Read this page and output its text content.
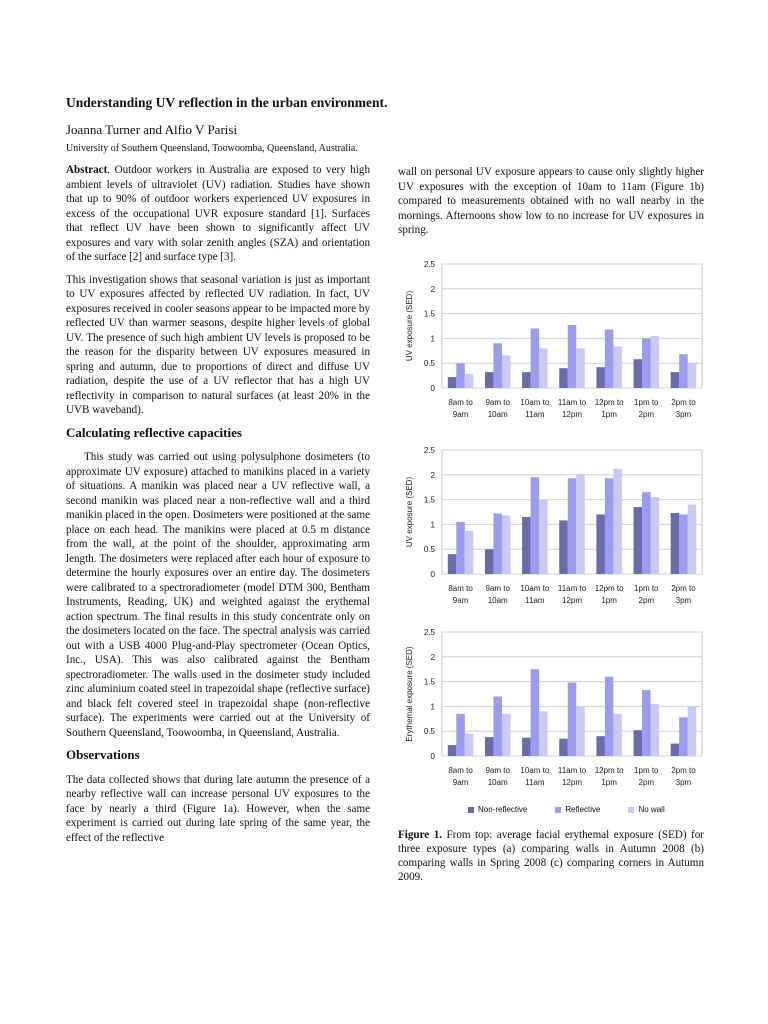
Understanding UV reflection in the urban environment.
Joanna Turner and Alfio V Parisi
University of Southern Queensland, Toowoomba, Queensland, Australia.

Abstract. Outdoor workers in Australia are exposed to very high ambient levels of ultraviolet (UV) radiation. Studies have shown that up to 90% of outdoor workers experienced UV exposures in excess of the occupational UVR exposure standard [1]. Surfaces that reflect UV have been shown to significantly affect UV exposures and vary with solar zenith angles (SZA) and orientation of the surface [2] and surface type [3].

This investigation shows that seasonal variation is just as important to UV exposures affected by reflected UV radiation. In fact, UV exposures received in cooler seasons appear to be impacted more by reflected UV than warmer seasons, despite higher levels of global UV. The presence of such high ambient UV levels is proposed to be the reason for the disparity between UV exposures measured in spring and autumn, due to proportions of direct and diffuse UV radiation, despite the use of a UV reflector that has a high UV reflectivity in comparison to natural surfaces (at least 20% in the UVB waveband).

Calculating reflective capacities

This study was carried out using polysulphone dosimeters (to approximate UV exposure) attached to manikins placed in a variety of situations. A manikin was placed near a UV reflective wall, a second manikin was placed near a non-reflective wall and a third manikin placed in the open. Dosimeters were positioned at the same place on each head. The manikins were placed at 0.5 m distance from the wall, at the point of the shoulder, approximating arm length. The dosimeters were replaced after each hour of exposure to determine the hourly exposures over an entire day. The dosimeters were calibrated to a spectroradiometer (model DTM 300, Bentham Instruments, Reading, UK) and weighted against the erythemal action spectrum. The final results in this study concentrate only on the dosimeters located on the face. The spectral analysis was carried out with a USB 4000 Plug-and-Play spectrometer (Ocean Optics, Inc., USA). This was also calibrated against the Bentham spectroradiometer. The walls used in the dosimeter study included zinc aluminium coated steel in trapezoidal shape (reflective surface) and black felt covered steel in trapezoidal shape (non-reflective surface). The experiments were carried out at the University of Southern Queensland, Toowoomba, in Queensland, Australia.

Observations

The data collected shows that during late autumn the presence of a nearby reflective wall can increase personal UV exposures to the face by nearly a third (Figure 1a). However, when the same experiment is carried out during late spring of the same year, the effect of the reflective

wall on personal UV exposure appears to cause only slightly higher UV exposures with the exception of 10am to 11am (Figure 1b) compared to measurements obtained with no wall nearby in the mornings. Afternoons show low to no increase for UV exposures in spring.

0
0.5
1
1.5
2
2.5
UV exposure (SED)
8am to
9am
9am to
10am
10am to
11am
11am to
12pm
12pm to
1pm
1pm to
2pm
2pm to
3pm
0
0.5
1
1.5
2
2.5
UV exposure (SED)
8am to
9am
9am to
10am
10am to
11am
11am to
12pm
12pm to
1pm
1pm to
2pm
2pm to
3pm
0
0.5
1
1.5
2
2.5
Erythemal exposure (SED)
8am to
9am
9am to
10am
10am to
11am
11am to
12pm
12pm to
1pm
1pm to
2pm
2pm to
3pm
Non-reflective	Reflective	No wall
Figure 1. From top: average facial erythemal exposure (SED) for three exposure types (a) comparing walls in Autumn 2008 (b) comparing walls in Spring 2008 (c) comparing corners in Autumn 2009.
